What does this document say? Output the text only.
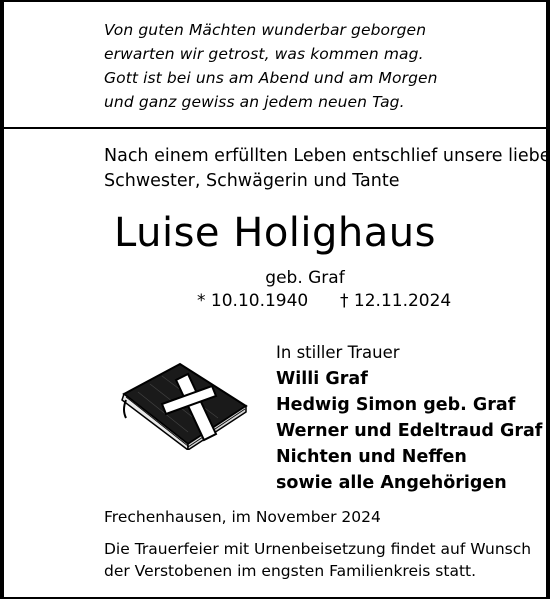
Von guten Mächten wunderbar geborgen
erwarten wir getrost, was kommen mag.
Gott ist bei uns am Abend und am Morgen
und ganz gewiss an jedem neuen Tag.
Nach einem erfüllten Leben entschlief unsere liebe
Schwester, Schwägerin und Tante
Luise Holighaus
geb. Graf
* 10.10.1940 † 12.11.2024
In stiller Trauer
Willi Graf
Hedwig Simon geb. Graf
Werner und Edeltraud Graf
Nichten und Neffen
sowie alle Angehörigen
Frechenhausen, im November 2024
Die Trauerfeier mit Urnenbeisetzung findet auf Wunsch
der Verstobenen im engsten Familienkreis statt.
